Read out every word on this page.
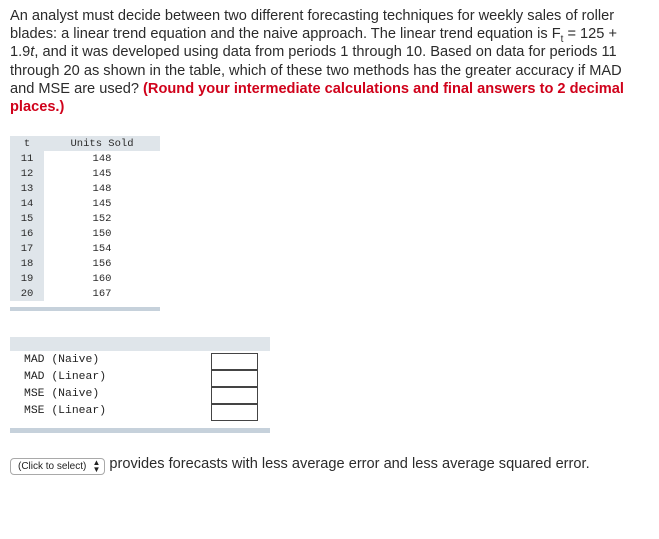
An analyst must decide between two different forecasting techniques for weekly sales of roller blades: a linear trend equation and the naive approach. The linear trend equation is $F_t = 125 + 1.9t$, and it was developed using data from periods 1 through 10. Based on data for periods 11 through 20 as shown in the table, which of these two methods has the greater accuracy if MAD and MSE are used? (Round your intermediate calculations and final answers to 2 decimal places.)
t	Units Sold
11	148
12	145
13	148
14	145
15	152
16	150
17	154
18	156
19	160
20	167
MAD (Naive)
MAD (Linear)
MSE (Naive)
MSE (Linear)
(Click to select) ▲
▼ provides forecasts with less average error and less average squared error.
